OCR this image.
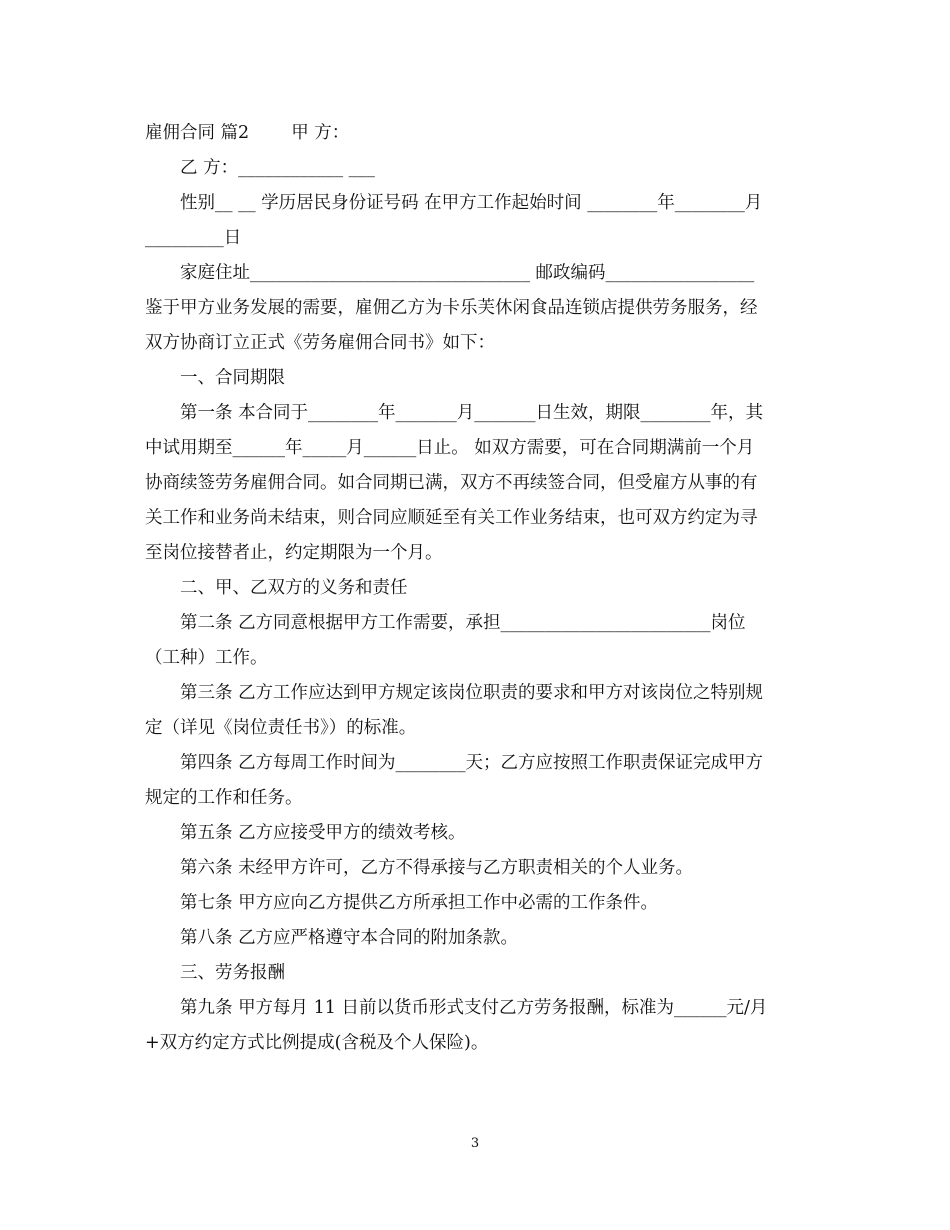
雇佣合同 篇2 甲 方：
乙 方：____________ ___
性别__ __ 学历居民身份证号码 在甲方工作起始时间 ________年________月
_________日
家庭住址________________________________ 邮政编码_________________
鉴于甲方业务发展的需要，雇佣乙方为卡乐芙休闲食品连锁店提供劳务服务，经
双方协商订立正式《劳务雇佣合同书》如下：
一、合同期限
第一条 本合同于________年_______月_______日生效，期限________年，其
中试用期至______年_____月______日止。 如双方需要，可在合同期满前一个月
协商续签劳务雇佣合同。如合同期已满，双方不再续签合同，但受雇方从事的有
关工作和业务尚未结束，则合同应顺延至有关工作业务结束，也可双方约定为寻
至岗位接替者止，约定期限为一个月。
二、甲、乙双方的义务和责任
第二条 乙方同意根据甲方工作需要，承担________________________岗位
（工种）工作。
第三条 乙方工作应达到甲方规定该岗位职责的要求和甲方对该岗位之特别规
定（详见《岗位责任书》）的标准。
第四条 乙方每周工作时间为________天；乙方应按照工作职责保证完成甲方
规定的工作和任务。
第五条 乙方应接受甲方的绩效考核。
第六条 未经甲方许可，乙方不得承接与乙方职责相关的个人业务。
第七条 甲方应向乙方提供乙方所承担工作中必需的工作条件。
第八条 乙方应严格遵守本合同的附加条款。
三、劳务报酬
第九条 甲方每月 11 日前以货币形式支付乙方劳务报酬，标准为______元/月
+双方约定方式比例提成(含税及个人保险)。
3
